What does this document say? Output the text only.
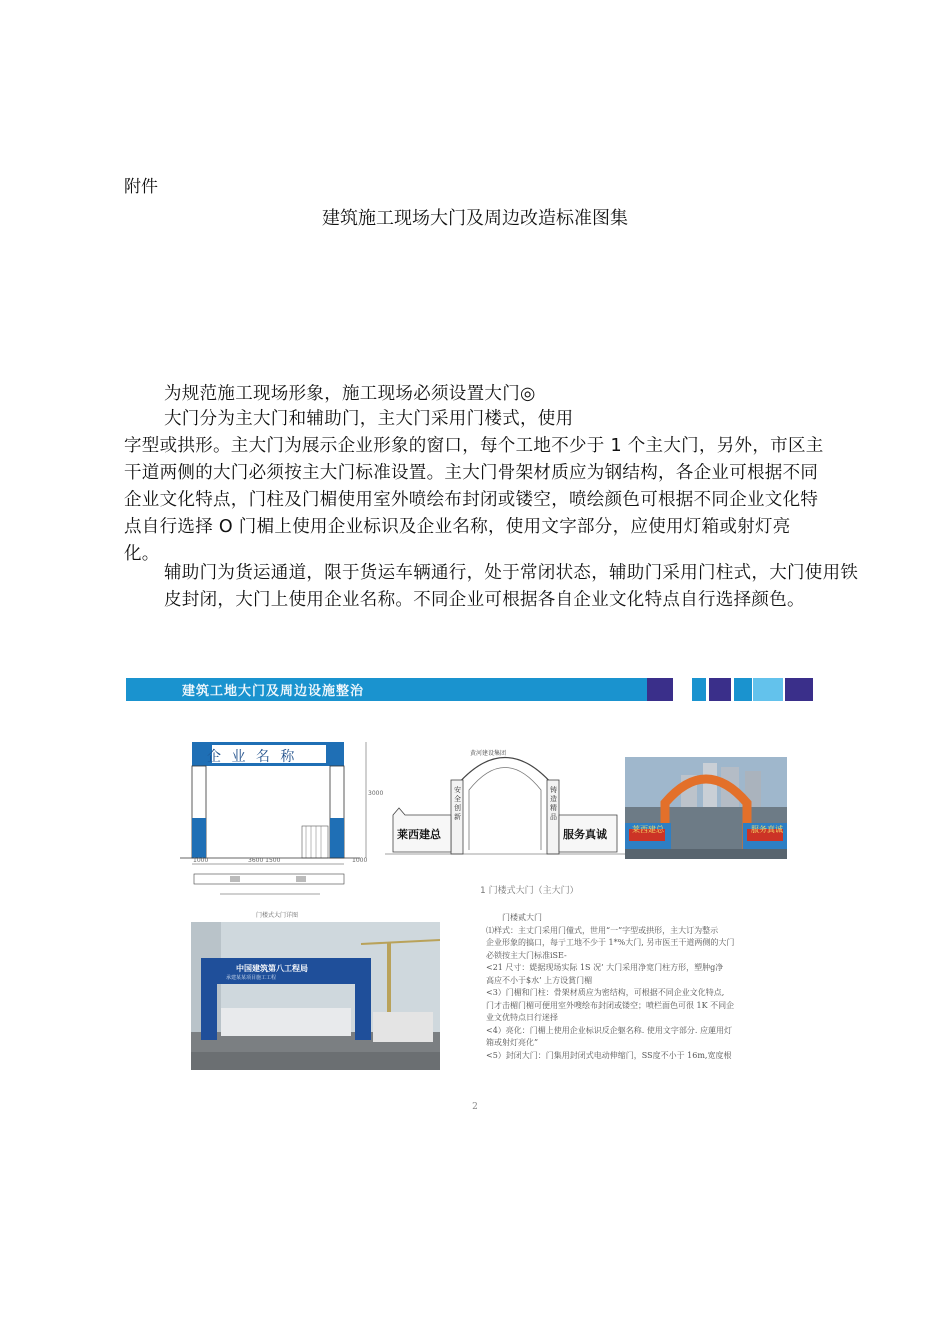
附件
建筑施工现场大门及周边改造标准图集
为规范施工现场形象，施工现场必须设置大门◎
大门分为主大门和辅助门，主大门采用门楼式，使用
字型或拱形。主大门为展示企业形象的窗口，每个工地不少于 1 个主大门，另外，市区主干道两侧的大门必须按主大门标准设置。主大门骨架材质应为钢结构，各企业可根据不同企业文化特点，门柱及门楣使用室外喷绘布封闭或镂空，喷绘颜色可根据不同企业文化特点自行选择 O 门楣上使用企业标识及企业名称，使用文字部分，应使用灯箱或射灯亮化。
辅助门为货运通道，限于货运车辆通行，处于常闭状态，辅助门采用门柱式，大门使用铁皮封闭，大门上使用企业名称。不同企业可根据各自企业文化特点自行选择颜色。
建筑工地大门及周边设施整治
企 业 名 称
1000	3600 1500	1000
3000
门楼式大门详图
莱西建总	服务真诚
黄河建设集团
安全创新
铸造精品
莱西建总	服务真诚
1 门楼式大门（主大门）
中国建筑第八工程局
承建某某项目施工工程
门楼贰大门
⑴样式：主丈门采用门僮式，世用“一”字型或拱形，主大订为整示
企业形象的搞口，每亍工地不少于 1*%大门, 另市医王干道两侧的大门
必锁按主大门标准iSE-
<21 尺寸：媞据现场实际 1S 况’ 大门采用净宽门柱方形，塑肿g净
高应不小于$水’ 上方设賞门楣
<3）门楣和门柱：骨架材质应为密结构，可根据不同企业文化特点,
门才击楣门楣可便用室外嗖绘布封闭或镂空；喷栏面色可很 1K 不同企
业文优特点日行迷择
<4）亮化：门楣上使用企业标识反企躯名称. 使用文字部分. 应蓮用灯
箱或射灯亮化”
<5）封闭大门：门集用封闭式电动伸缩门，SS度不小于 16m,宽度根
2
